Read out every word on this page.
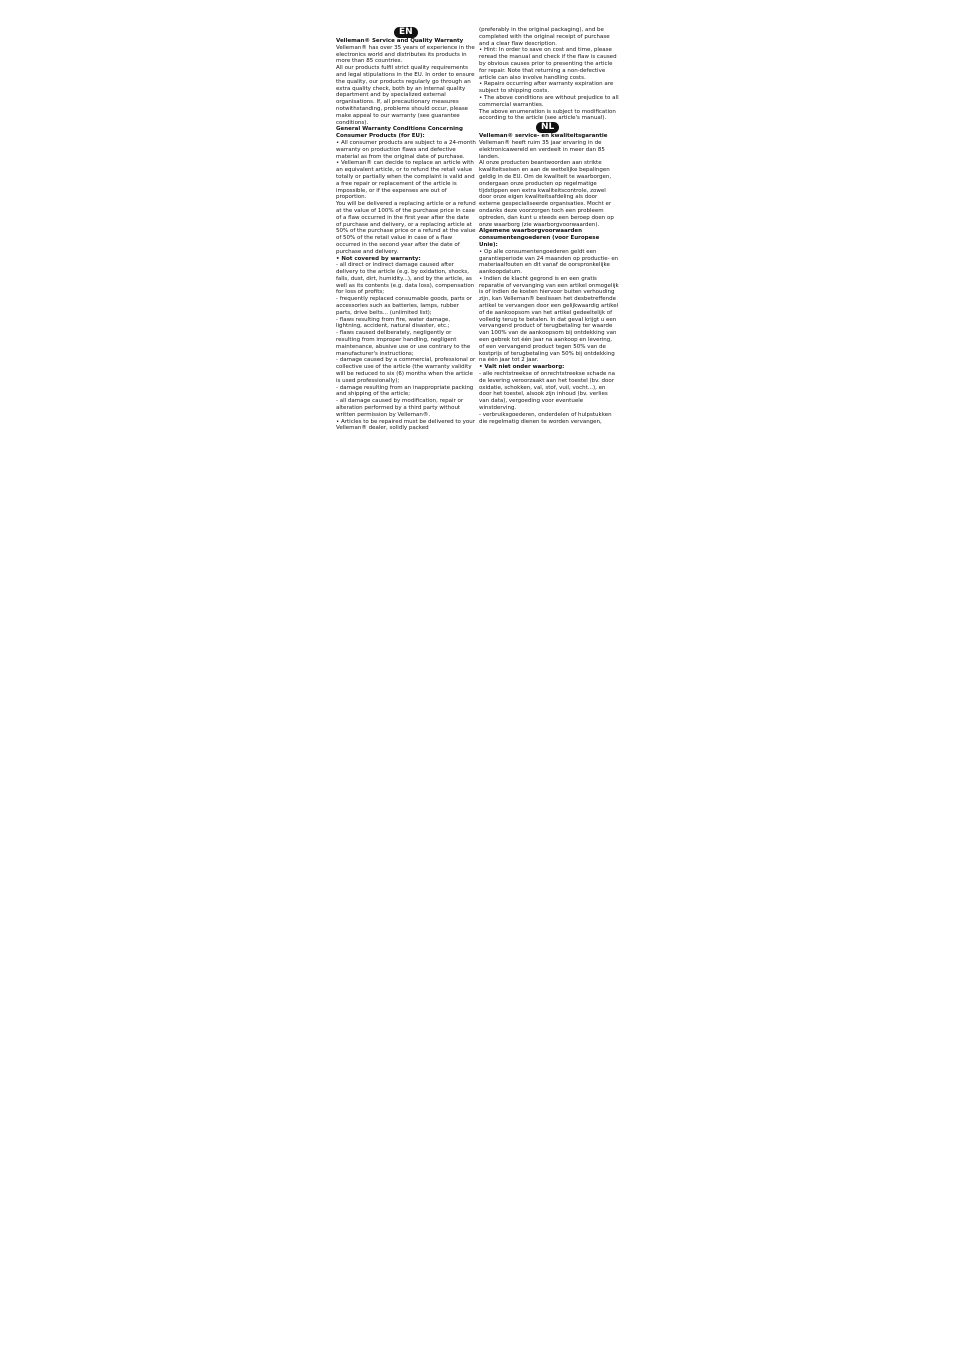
EN

Velleman® Service and Quality Warranty

Velleman® has over 35 years of experience in the electronics world and distributes its products in more than 85 countries.

All our products fulfil strict quality requirements and legal stipulations in the EU. In order to ensure the quality, our products regularly go through an extra quality check, both by an internal quality department and by specialized external organisations. If, all precautionary measures notwithstanding, problems should occur, please make appeal to our warranty (see guarantee conditions).

General Warranty Conditions Concerning Consumer Products (for EU):

• All consumer products are subject to a 24-month warranty on production flaws and defective material as from the original date of purchase.

• Velleman® can decide to replace an article with an equivalent article, or to refund the retail value totally or partially when the complaint is valid and a free repair or replacement of the article is impossible, or if the expenses are out of proportion.

You will be delivered a replacing article or a refund at the value of 100% of the purchase price in case of a flaw occurred in the first year after the date of purchase and delivery, or a replacing article at 50% of the purchase price or a refund at the value of 50% of the retail value in case of a flaw occurred in the second year after the date of purchase and delivery.

• Not covered by warranty:

- all direct or indirect damage caused after delivery to the article (e.g. by oxidation, shocks, falls, dust, dirt, humidity...), and by the article, as well as its contents (e.g. data loss), compensation for loss of profits;

- frequently replaced consumable goods, parts or accessories such as batteries, lamps, rubber parts, drive belts... (unlimited list);

- flaws resulting from fire, water damage, lightning, accident, natural disaster, etc.;

- flaws caused deliberately, negligently or resulting from improper handling, negligent maintenance, abusive use or use contrary to the manufacturer's instructions;

- damage caused by a commercial, professional or collective use of the article (the warranty validity will be reduced to six (6) months when the article is used professionally);

- damage resulting from an inappropriate packing and shipping of the article;

- all damage caused by modification, repair or alteration performed by a third party without written permission by Velleman®.

• Articles to be repaired must be delivered to your Velleman® dealer, solidly packed

(preferably in the original packaging), and be completed with the original receipt of purchase and a clear flaw description.

• Hint: In order to save on cost and time, please reread the manual and check if the flaw is caused by obvious causes prior to presenting the article for repair. Note that returning a non-defective article can also involve handling costs.

• Repairs occurring after warranty expiration are subject to shipping costs.

• The above conditions are without prejudice to all commercial warranties.

The above enumeration is subject to modification according to the article (see article's manual).

NL

Velleman® service- en kwaliteitsgarantie

Velleman® heeft ruim 35 jaar ervaring in de elektronicawereld en verdeelt in meer dan 85 landen.

Al onze producten beantwoorden aan strikte kwaliteitseisen en aan de wettelijke bepalingen geldig in de EU. Om de kwaliteit te waarborgen, ondergaan onze producten op regelmatige tijdstippen een extra kwaliteitscontrole, zowel door onze eigen kwaliteitsafdeling als door externe gespecialiseerde organisaties. Mocht er ondanks deze voorzorgen toch een probleem optreden, dan kunt u steeds een beroep doen op onze waarborg (zie waarborgvoorwaarden).

Algemene waarborgvoorwaarden consumentengoederen (voor Europese Unie):

• Op alle consumentengoederen geldt een garantieperiode van 24 maanden op productie- en materiaalfouten en dit vanaf de oorspronkelijke aankoopdatum.

• Indien de klacht gegrond is en een gratis reparatie of vervanging van een artikel onmogelijk is of indien de kosten hiervoor buiten verhouding zijn, kan Velleman® beslissen het desbetreffende artikel te vervangen door een gelijkwaardig artikel of de aankoopsom van het artikel gedeeltelijk of volledig terug te betalen. In dat geval krijgt u een vervangend product of terugbetaling ter waarde van 100% van de aankoopsom bij ontdekking van een gebrek tot één jaar na aankoop en levering, of een vervangend product tegen 50% van de kostprijs of terugbetaling van 50% bij ontdekking na één jaar tot 2 jaar.

• Valt niet onder waarborg:

- alle rechtstreekse of onrechtstreekse schade na de levering veroorzaakt aan het toestel (bv. door oxidatie, schokken, val, stof, vuil, vocht...), en door het toestel, alsook zijn inhoud (bv. verlies van data), vergoeding voor eventuele winstderving.

- verbruiksgoederen, onderdelen of hulpstukken die regelmatig dienen te worden vervangen,
